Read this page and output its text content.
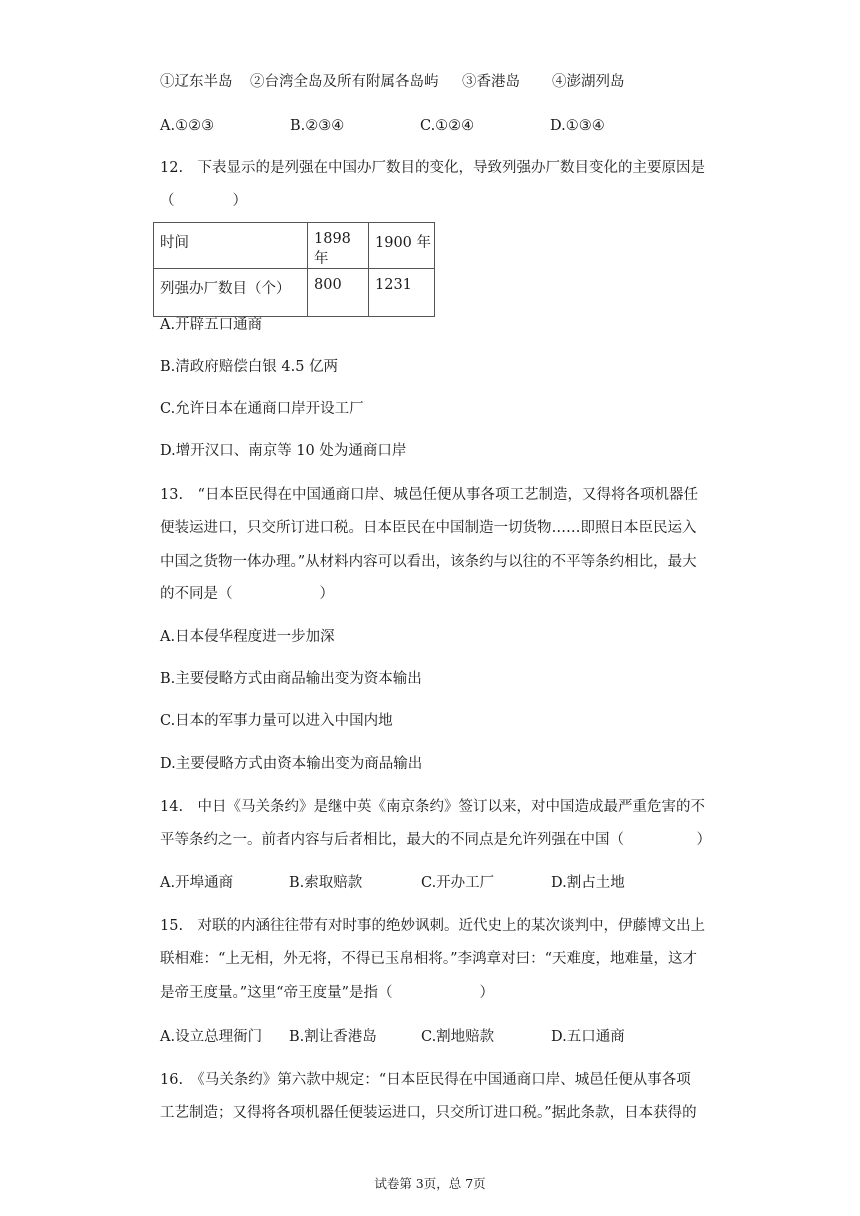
①辽东半岛 ②台湾全岛及所有附属各岛屿 ③香港岛 ④澎湖列岛
A.①②③	B.②③④	C.①②④	D.①③④
12.　下表显示的是列强在中国办厂数目的变化，导致列强办厂数目变化的主要原因是
（　　　　）
时间	1898 年	1900 年
列强办厂数目（个）	800	1231
A.开辟五口通商
B.清政府赔偿白银 4.5 亿两
C.允许日本在通商口岸开设工厂
D.增开汉口、南京等 10 处为通商口岸
13.　“日本臣民得在中国通商口岸、城邑任便从事各项工艺制造，又得将各项机器任
便装运进口，只交所订进口税。日本臣民在中国制造一切货物……即照日本臣民运入
中国之货物一体办理。”从材料内容可以看出，该条约与以往的不平等条约相比，最大
的不同是（　　　　　　）
A.日本侵华程度进一步加深
B.主要侵略方式由商品输出变为资本输出
C.日本的军事力量可以进入中国内地
D.主要侵略方式由资本输出变为商品输出
14.　中日《马关条约》是继中英《南京条约》签订以来，对中国造成最严重危害的不
平等条约之一。前者内容与后者相比，最大的不同点是允许列强在中国（　　　　　）
A.开埠通商	B.索取赔款	C.开办工厂	D.割占土地
15.　对联的内涵往往带有对时事的绝妙讽刺。近代史上的某次谈判中，伊藤博文出上
联相难：“上无相，外无将，不得已玉帛相将。”李鸿章对曰：“天难度，地难量，这才
是帝王度量。”这里“帝王度量”是指（　　　　　　）
A.设立总理衙门 B.割让香港岛	C.割地赔款	D.五口通商
16.　《马关条约》第六款中规定：“日本臣民得在中国通商口岸、城邑任便从事各项
工艺制造；又得将各项机器任便装运进口，只交所订进口税。”据此条款，日本获得的
试卷第 3页，总 7页
